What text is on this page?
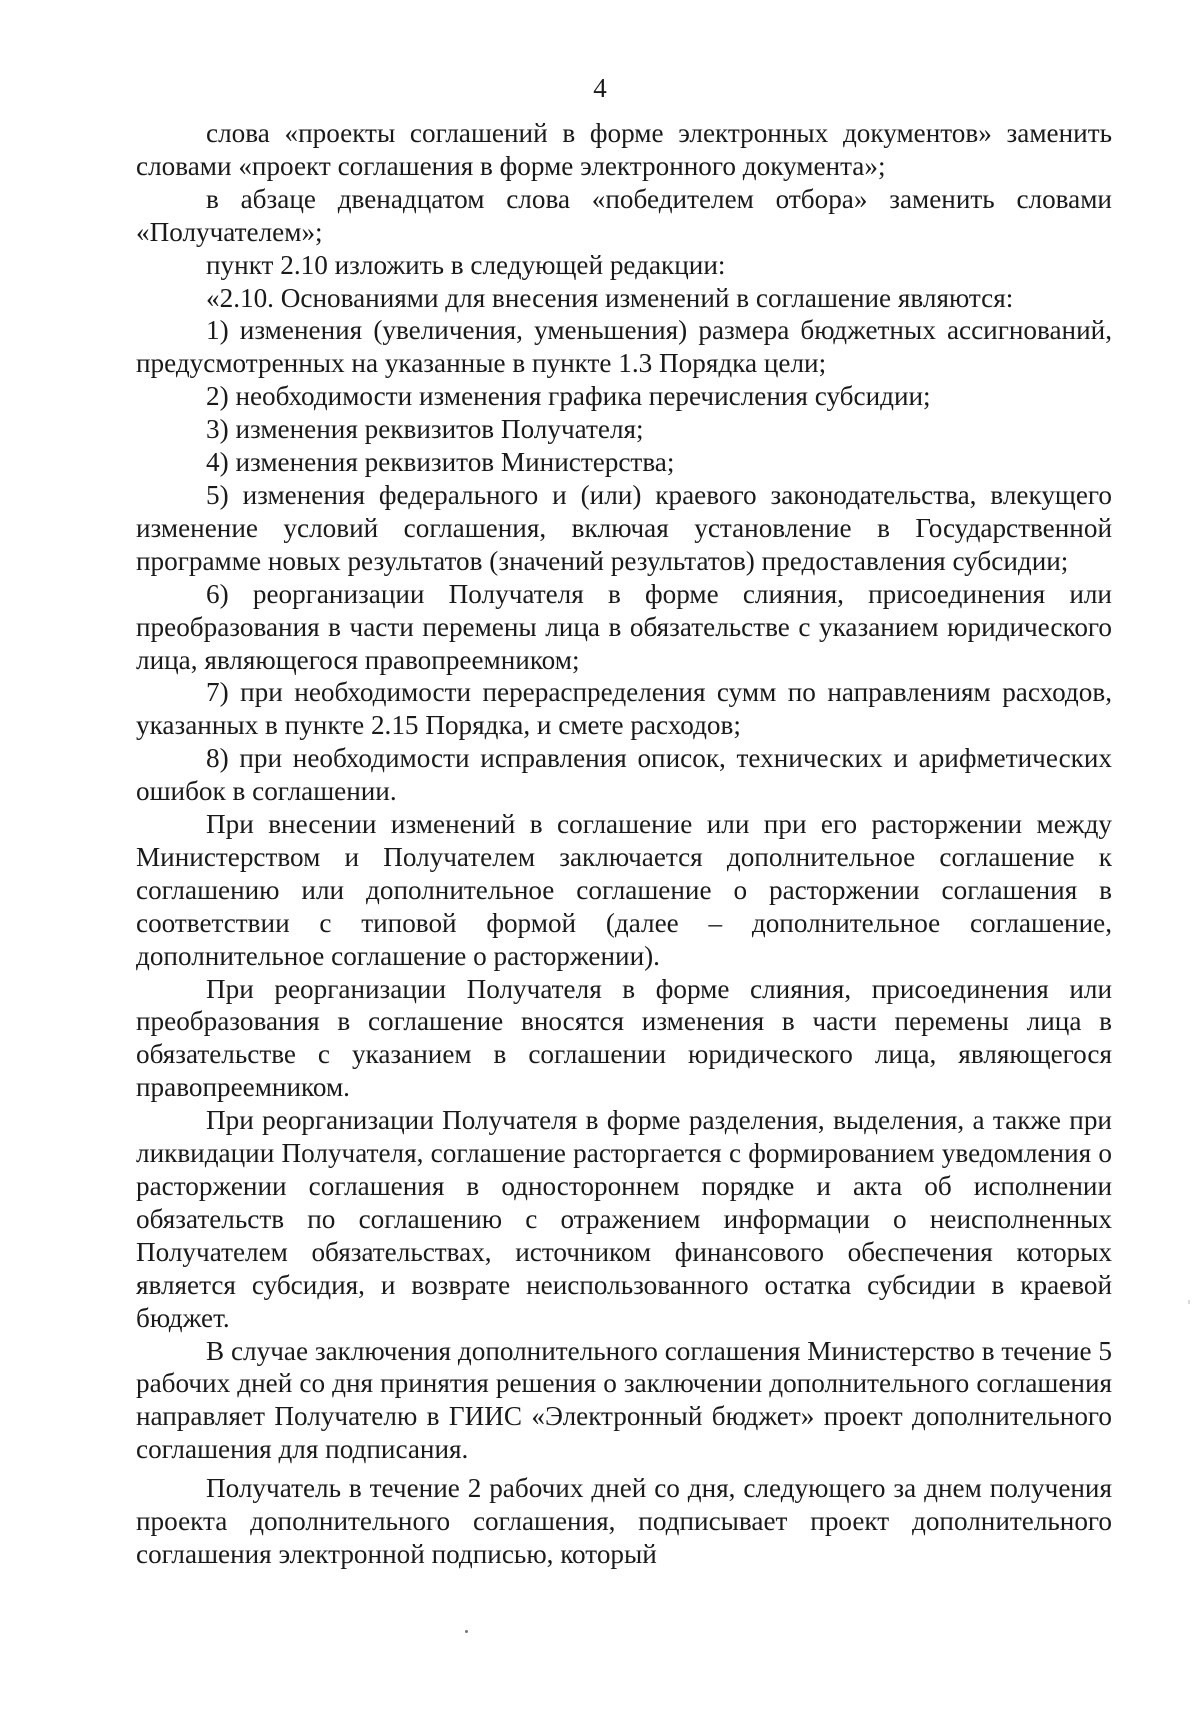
4

слова «проекты соглашений в форме электронных документов» заменить словами «проект соглашения в форме электронного документа»;

в абзаце двенадцатом слова «победителем отбора» заменить словами «Получателем»;

пункт 2.10 изложить в следующей редакции:

«2.10. Основаниями для внесения изменений в соглашение являются:

1) изменения (увеличения, уменьшения) размера бюджетных ассигнований, предусмотренных на указанные в пункте 1.3 Порядка цели;

2) необходимости изменения графика перечисления субсидии;

3) изменения реквизитов Получателя;

4) изменения реквизитов Министерства;

5) изменения федерального и (или) краевого законодательства, влекущего изменение условий соглашения, включая установление в Государственной программе новых результатов (значений результатов) предоставления субсидии;

6) реорганизации Получателя в форме слияния, присоединения или преобразования в части перемены лица в обязательстве с указанием юридического лица, являющегося правопреемником;

7) при необходимости перераспределения сумм по направлениям расходов, указанных в пункте 2.15 Порядка, и смете расходов;

8) при необходимости исправления описок, технических и арифметических ошибок в соглашении.

При внесении изменений в соглашение или при его расторжении между Министерством и Получателем заключается дополнительное соглашение к соглашению или дополнительное соглашение о расторжении соглашения в соответствии с типовой формой (далее – дополнительное соглашение, дополнительное соглашение о расторжении).

При реорганизации Получателя в форме слияния, присоединения или преобразования в соглашение вносятся изменения в части перемены лица в обязательстве с указанием в соглашении юридического лица, являющегося правопреемником.

При реорганизации Получателя в форме разделения, выделения, а также при ликвидации Получателя, соглашение расторгается с формированием уведомления о расторжении соглашения в одностороннем порядке и акта об исполнении обязательств по соглашению с отражением информации о неисполненных Получателем обязательствах, источником финансового обеспечения которых является субсидия, и возврате неиспользованного остатка субсидии в краевой бюджет.

В случае заключения дополнительного соглашения Министерство в течение 5 рабочих дней со дня принятия решения о заключении дополнительного соглашения направляет Получателю в ГИИС «Электронный бюджет» проект дополнительного соглашения для подписания.

Получатель в течение 2 рабочих дней со дня, следующего за днем получения проекта дополнительного соглашения, подписывает проект дополнительного соглашения электронной подписью, который
